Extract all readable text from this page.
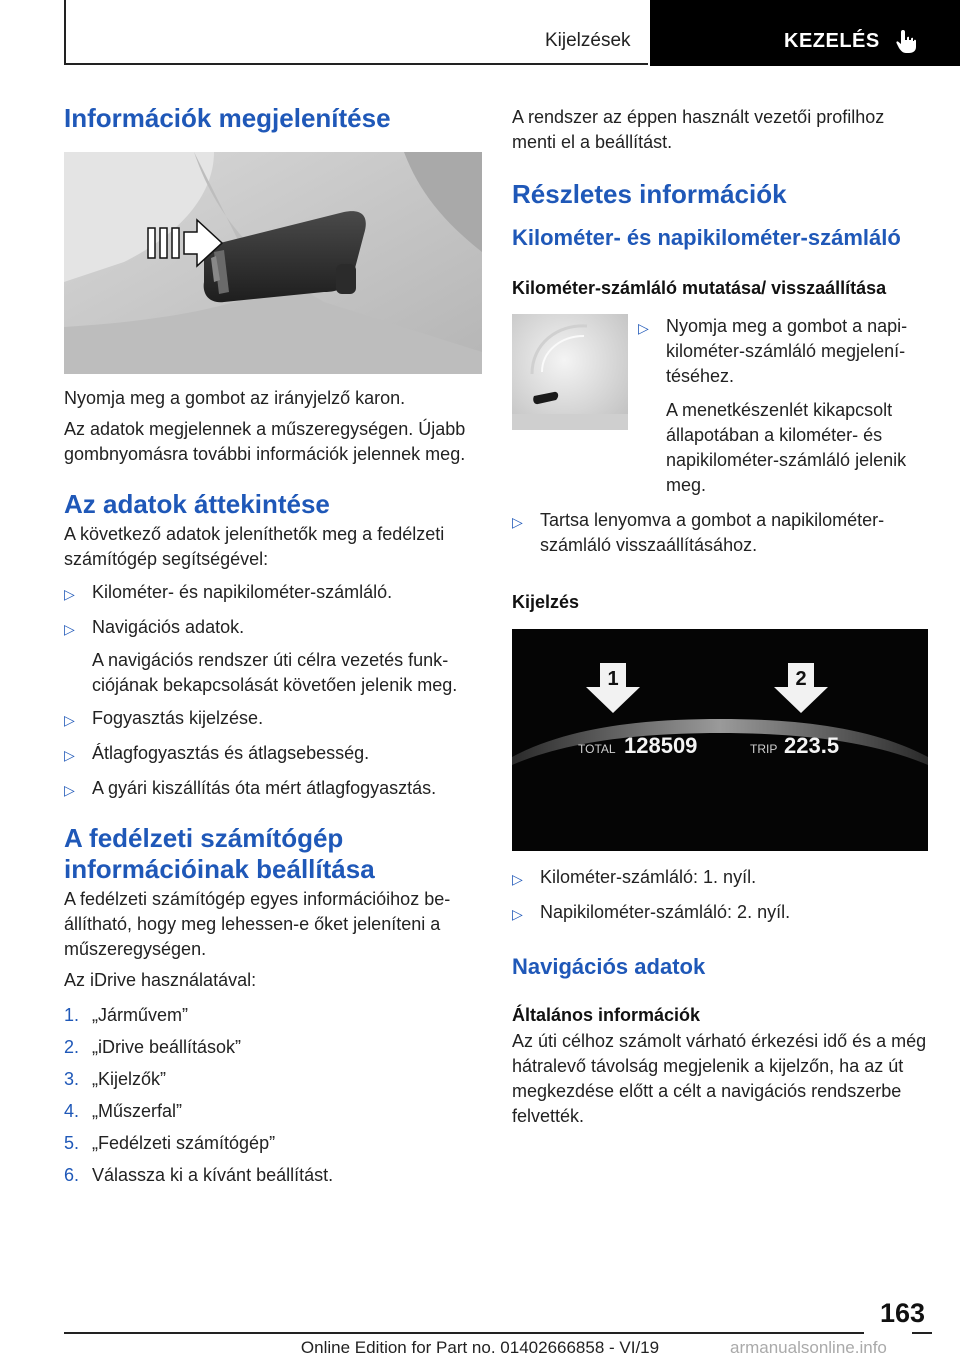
Kijelzések	KEZELÉS
Információk megjelenítése

Nyomja meg a gombot az irányjelző karon.

Az adatok megjelennek a műszeregységen. Újabb gombnyomásra további információk jelennek meg.

Az adatok áttekintése

A következő adatok jeleníthetők meg a fedélzeti számítógép segítségével:

▷ Kilométer- és napikilométer-számláló.
▷ Navigációs adatok.

A navigációs rendszer úti célra vezetés funkciójának bekapcsolását követően jelenik meg.

▷ Fogyasztás kijelzése.
▷ Átlagfogyasztás és átlagsebesség.
▷ A gyári kiszállítás óta mért átlagfogyasztás.
A fedélzeti számítógép információinak beállítása

A fedélzeti számítógép egyes információihoz beállítható, hogy meg lehessen-e őket jeleníteni a műszeregységen.

Az iDrive használatával:

1. „Járművem”
2. „iDrive beállítások”
3. „Kijelzők”
4. „Műszerfal”
5. „Fedélzeti számítógép”
6. Válassza ki a kívánt beállítást.

A rendszer az éppen használt vezetői profilhoz menti el a beállítást.

Részletes információk
Kilométer- és napikilométer-számláló
Kilométer-számláló mutatása/ visszaállítása
▷ Nyomja meg a gombot a napikilométer-számláló megjelenítéséhez.

A menetkészenlét kikapcsolt állapotában a kilométer- és napikilométer-számláló jelenik meg.

▷ Tartsa lenyomva a gombot a napikilométer-számláló visszaállításához.
Kijelzés
1	2
TOTAL 128509	TRIP 223.5
▷ Kilométer-számláló: 1. nyíl.
▷ Napikilométer-számláló: 2. nyíl.
Navigációs adatok
Általános információk

Az úti célhoz számolt várható érkezési idő és a még hátralevő távolság megjelenik a kijelzőn, ha az út megkezdése előtt a célt a navigációs rendszerbe felvették.

163
Online Edition for Part no. 01402666858 - VI/19	armanualsonline.info
